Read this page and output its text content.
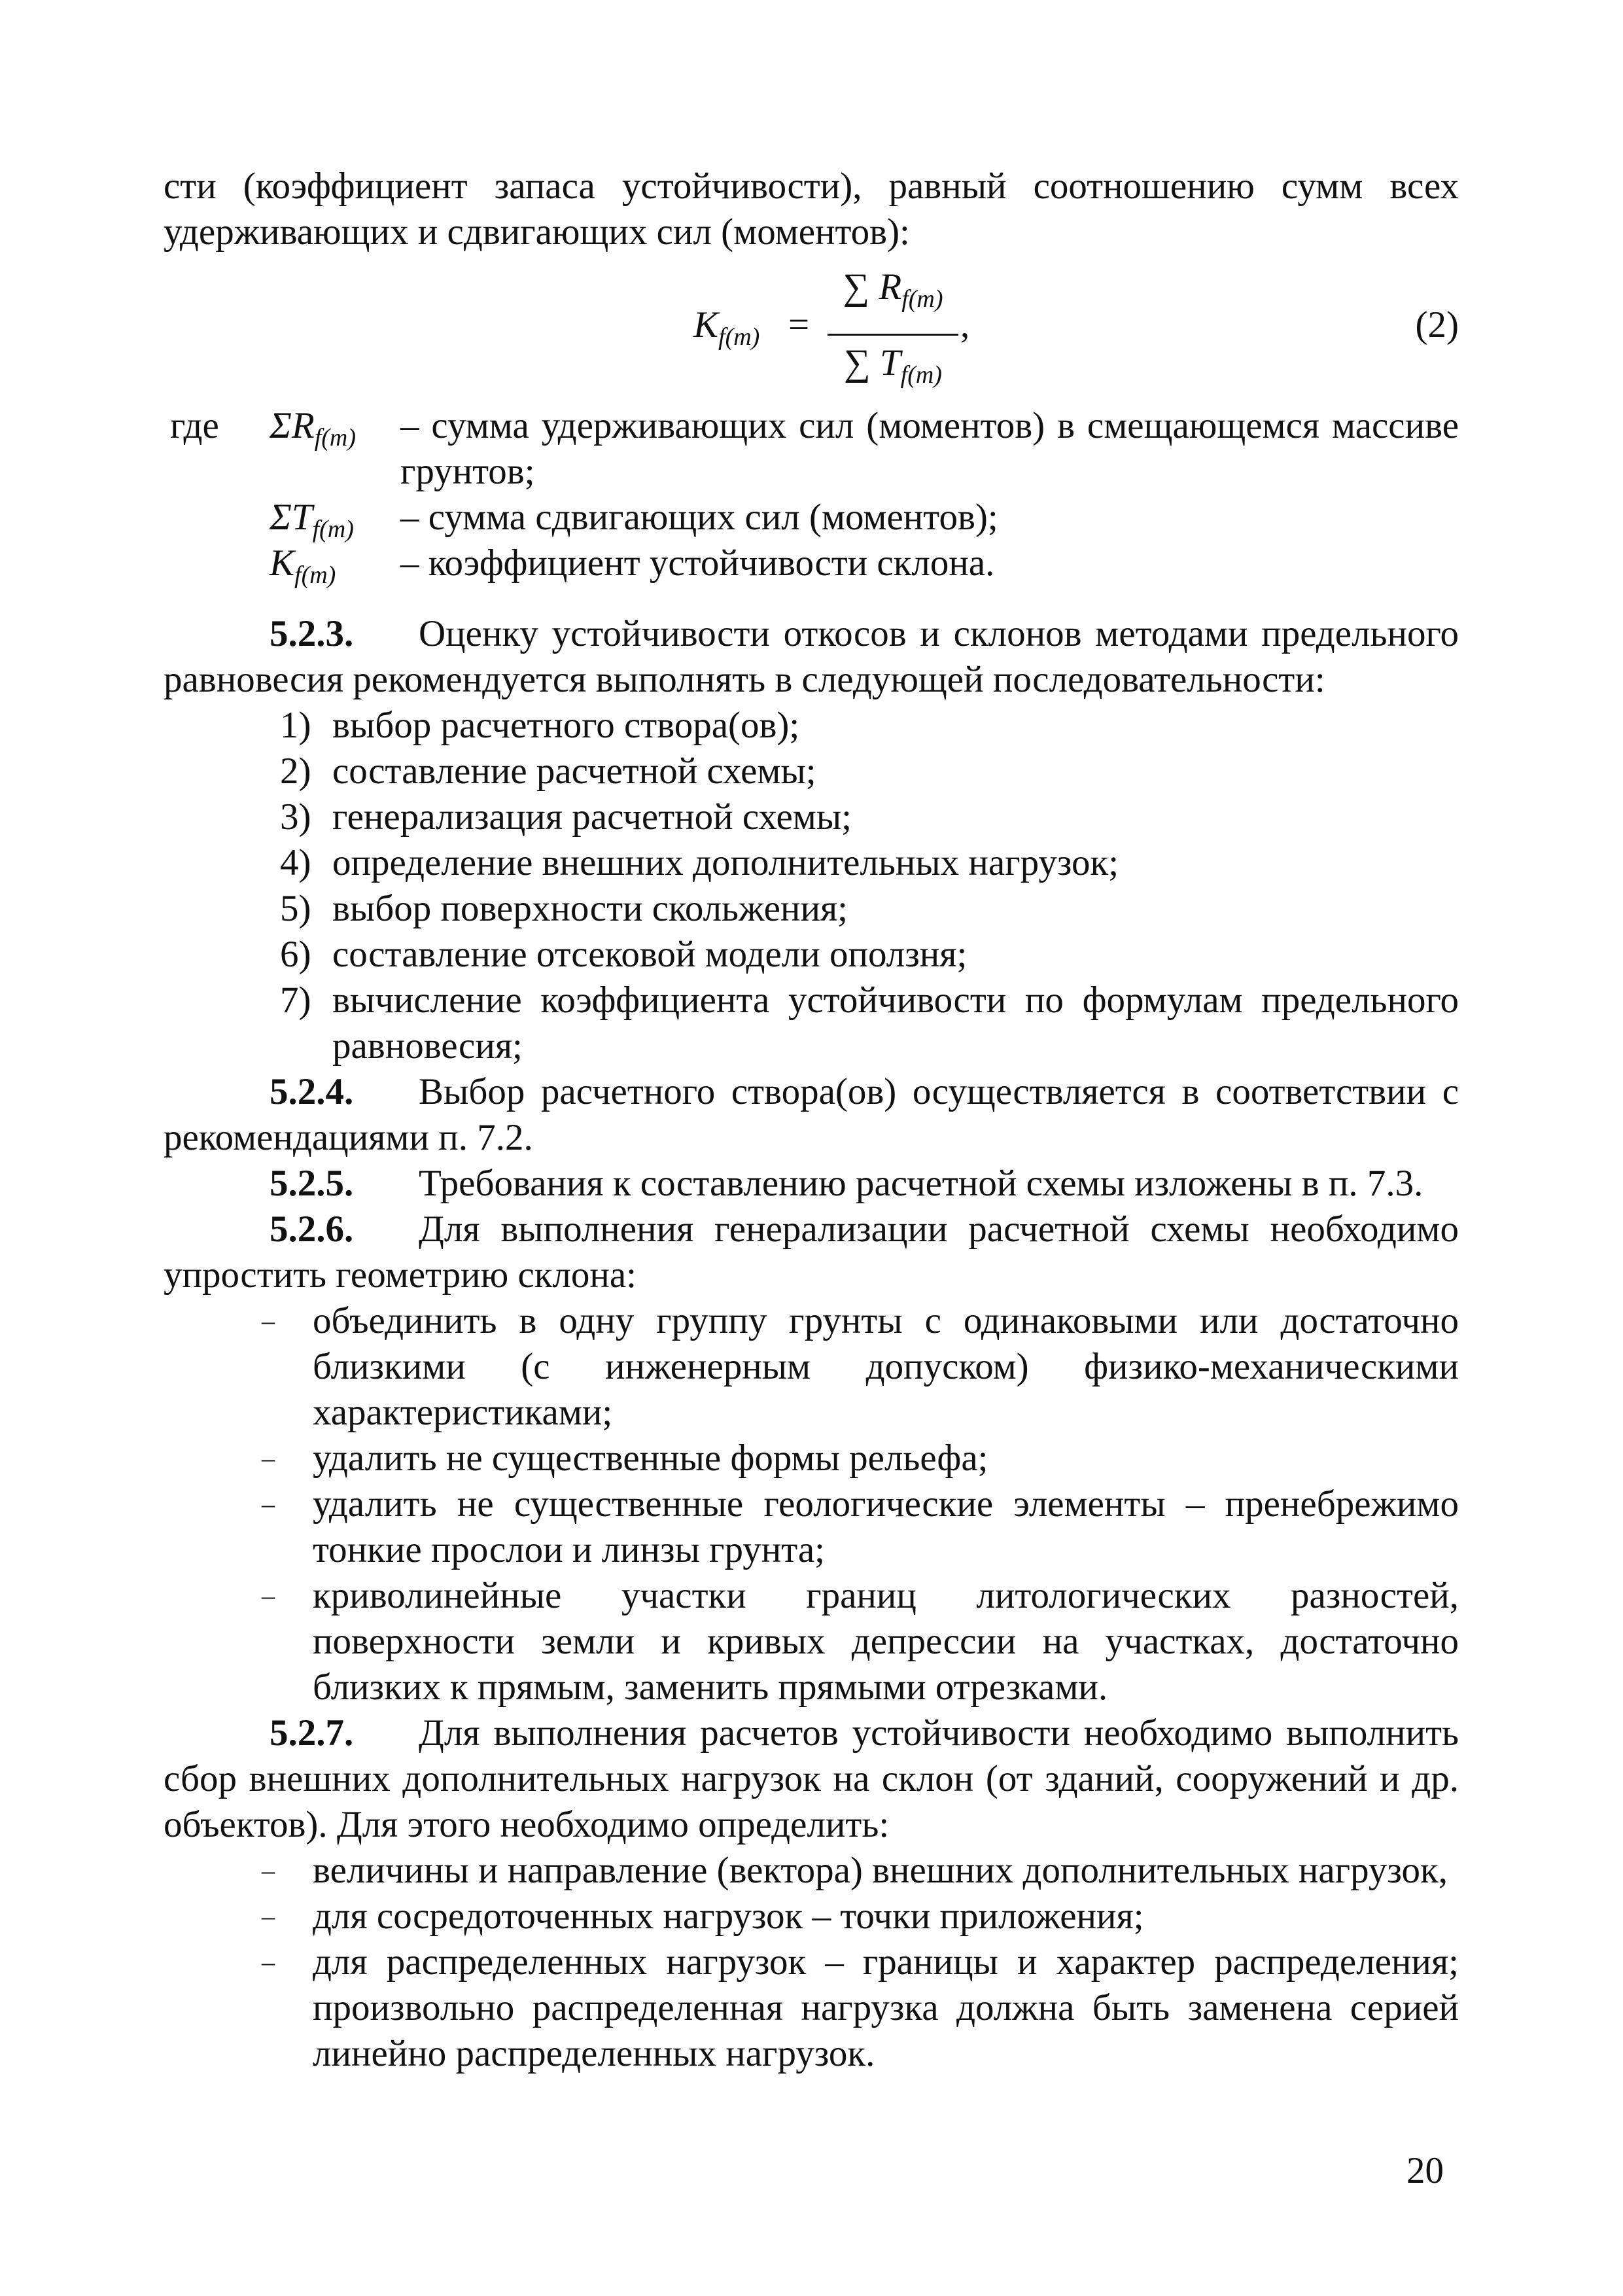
сти (коэффициент запаса устойчивости), равный соотношению сумм всех удерживающих и сдвигающих сил (моментов):

$K_{f(m)}$ =
∑ $R_{f(m)}$
∑ $T_{f(m)}$
,	(2)
где $\Sigma R_{f(m)}$ – сумма удерживающих сил (моментов) в смещающемся массиве грунтов;
$\Sigma T_{f(m)}$ – сумма сдвигающих сил (моментов);
$K_{f(m)}$ – коэффициент устойчивости склона.

5.2.3. Оценку устойчивости откосов и склонов методами предельного равновесия рекомендуется выполнять в следующей последовательности:

1) выбор расчетного створа(ов);
2) составление расчетной схемы;
3) генерализация расчетной схемы;
4) определение внешних дополнительных нагрузок;
5) выбор поверхности скольжения;
6) составление отсековой модели оползня;
7) вычисление коэффициента устойчивости по формулам предельного равновесия;

5.2.4. Выбор расчетного створа(ов) осуществляется в соответствии с рекомендациями п. 7.2.

5.2.5. Требования к составлению расчетной схемы изложены в п. 7.3.

5.2.6. Для выполнения генерализации расчетной схемы необходимо упростить геометрию склона:

– объединить в одну группу грунты с одинаковыми или достаточно близкими (с инженерным допуском) физико-механическими характеристиками;
– удалить не существенные формы рельефа;
– удалить не существенные геологические элементы – пренебрежимо тонкие прослои и линзы грунта;
– криволинейные участки границ литологических разностей, поверхности земли и кривых депрессии на участках, достаточно близких к прямым, заменить прямыми отрезками.

5.2.7. Для выполнения расчетов устойчивости необходимо выполнить сбор внешних дополнительных нагрузок на склон (от зданий, сооружений и др. объектов). Для этого необходимо определить:

– величины и направление (вектора) внешних дополнительных нагрузок,
– для сосредоточенных нагрузок – точки приложения;
– для распределенных нагрузок – границы и характер распределения; произвольно распределенная нагрузка должна быть заменена серией линейно распределенных нагрузок.
20
